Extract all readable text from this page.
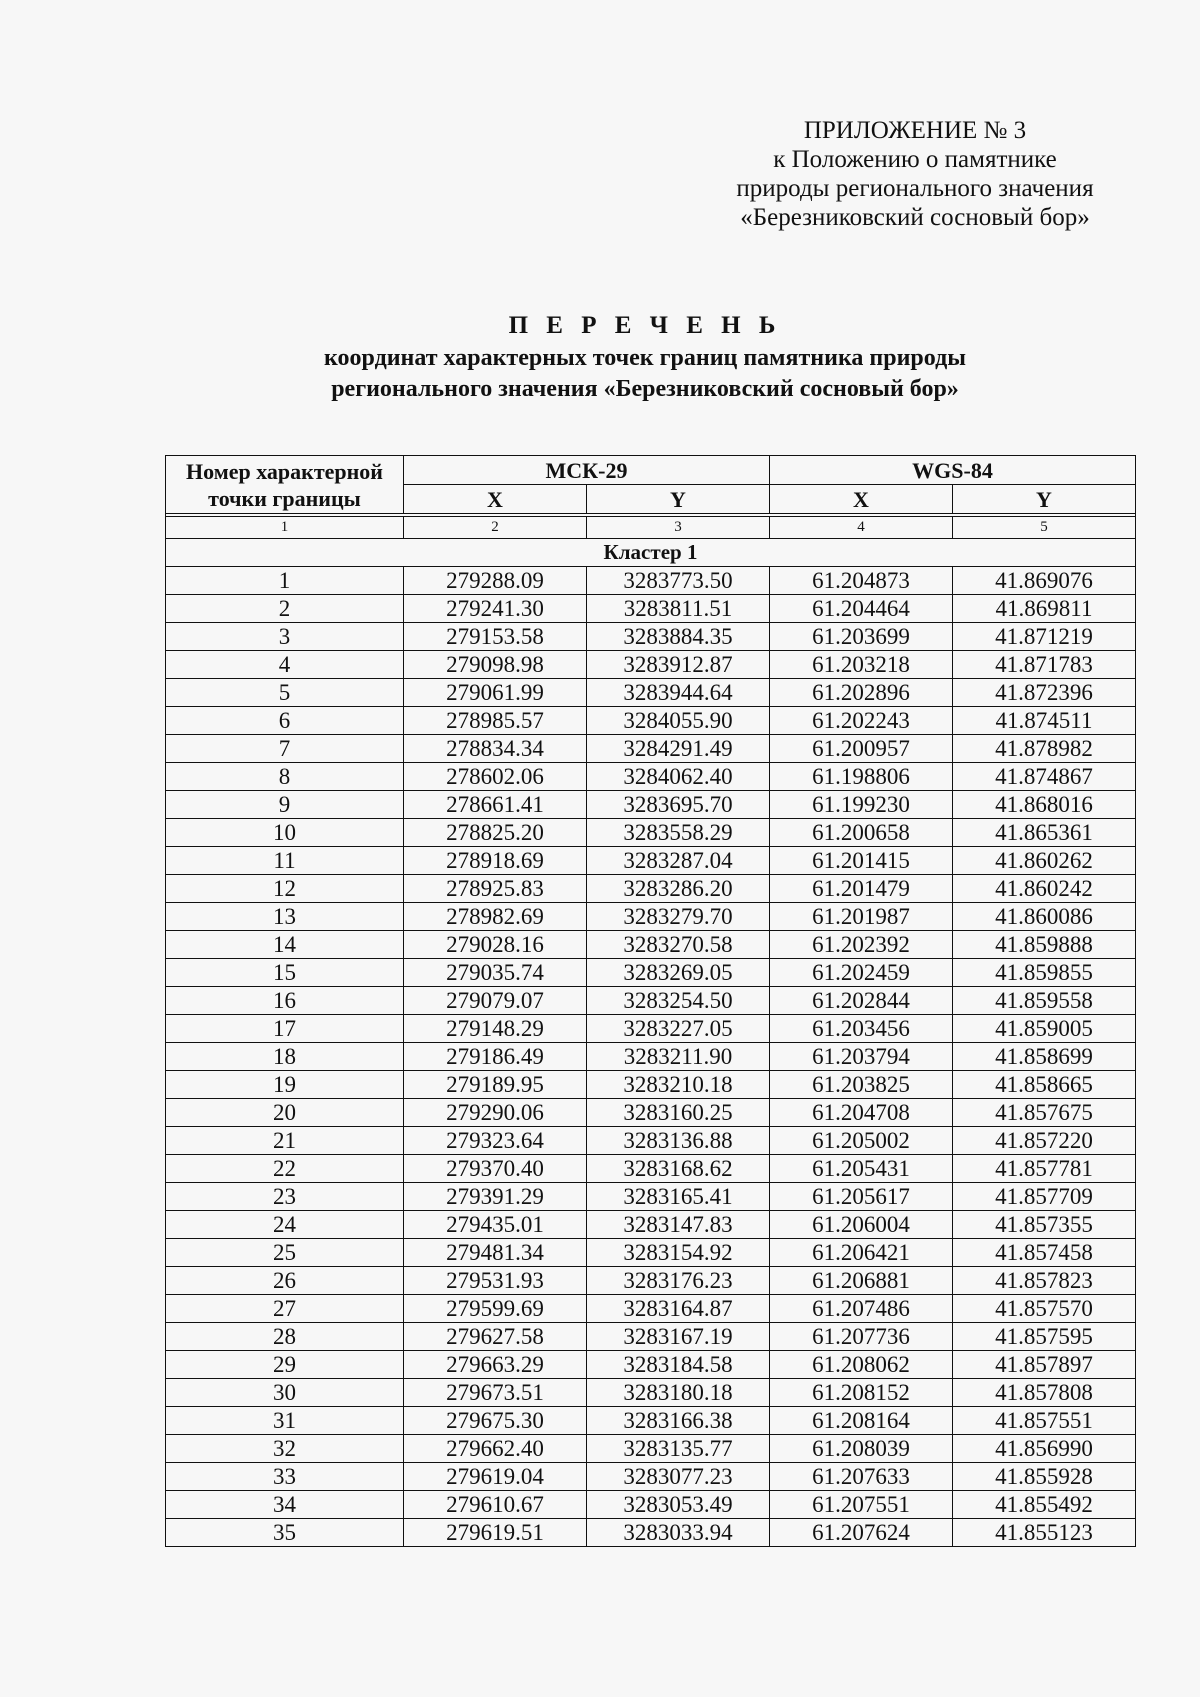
ПРИЛОЖЕНИЕ № 3
к Положению о памятнике
природы регионального значения
«Березниковский сосновый бор»
П Е Р Е Ч Е Н Ь
координат характерных точек границ памятника природы
регионального значения «Березниковский сосновый бор»
Номер характерной
точки границы	МСК-29		WGS-84	
	X	Y	X	Y

1	2	3	4	5
Кластер 1				
1	279288.09	3283773.50	61.204873	41.869076
2	279241.30	3283811.51	61.204464	41.869811
3	279153.58	3283884.35	61.203699	41.871219
4	279098.98	3283912.87	61.203218	41.871783
5	279061.99	3283944.64	61.202896	41.872396
6	278985.57	3284055.90	61.202243	41.874511
7	278834.34	3284291.49	61.200957	41.878982
8	278602.06	3284062.40	61.198806	41.874867
9	278661.41	3283695.70	61.199230	41.868016
10	278825.20	3283558.29	61.200658	41.865361
11	278918.69	3283287.04	61.201415	41.860262
12	278925.83	3283286.20	61.201479	41.860242
13	278982.69	3283279.70	61.201987	41.860086
14	279028.16	3283270.58	61.202392	41.859888
15	279035.74	3283269.05	61.202459	41.859855
16	279079.07	3283254.50	61.202844	41.859558
17	279148.29	3283227.05	61.203456	41.859005
18	279186.49	3283211.90	61.203794	41.858699
19	279189.95	3283210.18	61.203825	41.858665
20	279290.06	3283160.25	61.204708	41.857675
21	279323.64	3283136.88	61.205002	41.857220
22	279370.40	3283168.62	61.205431	41.857781
23	279391.29	3283165.41	61.205617	41.857709
24	279435.01	3283147.83	61.206004	41.857355
25	279481.34	3283154.92	61.206421	41.857458
26	279531.93	3283176.23	61.206881	41.857823
27	279599.69	3283164.87	61.207486	41.857570
28	279627.58	3283167.19	61.207736	41.857595
29	279663.29	3283184.58	61.208062	41.857897
30	279673.51	3283180.18	61.208152	41.857808
31	279675.30	3283166.38	61.208164	41.857551
32	279662.40	3283135.77	61.208039	41.856990
33	279619.04	3283077.23	61.207633	41.855928
34	279610.67	3283053.49	61.207551	41.855492
35	279619.51	3283033.94	61.207624	41.855123
